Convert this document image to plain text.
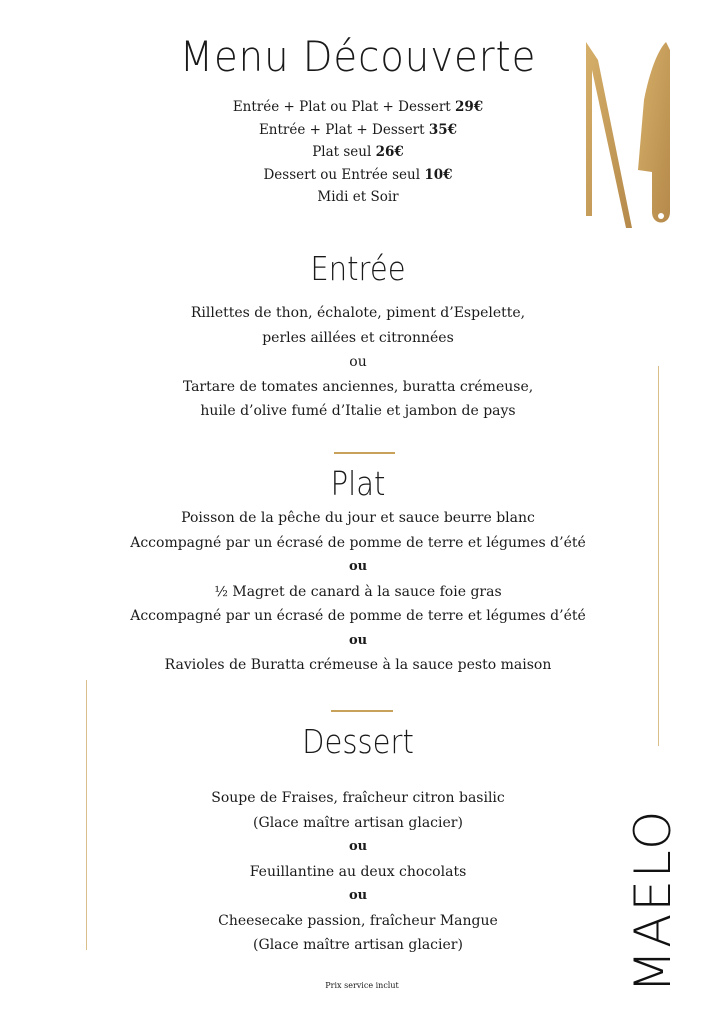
Menu Découverte

Entrée + Plat ou Plat + Dessert 29€

Entrée + Plat + Dessert 35€

Plat seul 26€

Dessert ou Entrée seul 10€

Midi et Soir

Entrée

Rillettes de thon, échalote, piment d’Espelette,

perles aillées et citronnées

ou

Tartare de tomates anciennes, buratta crémeuse,

huile d’olive fumé d’Italie et jambon de pays

Plat

Poisson de la pêche du jour et sauce beurre blanc

Accompagné par un écrasé de pomme de terre et légumes d’été

ou

½ Magret de canard à la sauce foie gras

Accompagné par un écrasé de pomme de terre et légumes d’été

ou

Ravioles de Buratta crémeuse à la sauce pesto maison

Dessert

Soupe de Fraises, fraîcheur citron basilic

(Glace maître artisan glacier)

ou

Feuillantine au deux chocolats

ou

Cheesecake passion, fraîcheur Mangue

(Glace maître artisan glacier)	MAELO
Prix service inclut
